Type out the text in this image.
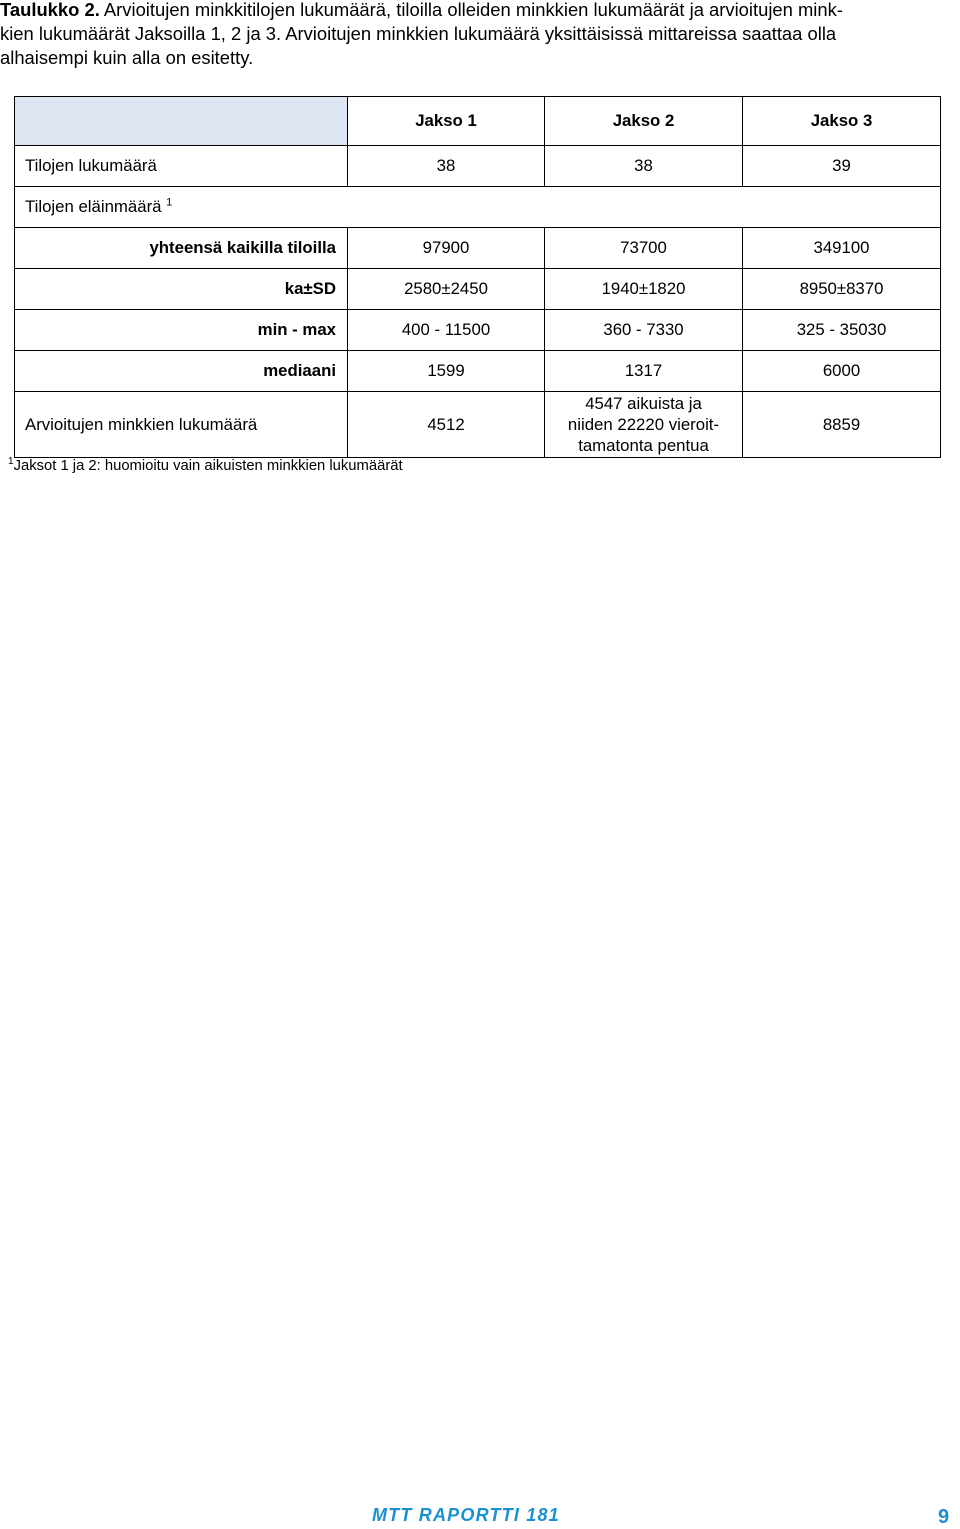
Taulukko 2. Arvioitujen minkkitilojen lukumäärä, tiloilla olleiden minkkien lukumäärät ja arvioitujen mink-
kien lukumäärät Jaksoilla 1, 2 ja 3. Arvioitujen minkkien lukumäärä yksittäisissä mittareissa saattaa olla
alhaisempi kuin alla on esitetty.
	Jakso 1	Jakso 2	Jakso 3
Tilojen lukumäärä	38	38	39
Tilojen eläinmäärä $^1$
yhteensä kaikilla tiloilla	97900	73700	349100
ka±SD	2580±2450	1940±1820	8950±8370
min - max	400 - 11500	360 - 7330	325 - 35030
mediaani	1599	1317	6000
Arvioitujen minkkien lukumäärä	4512	4547 aikuista ja
niiden 22220 vieroit-
tamatonta pentua	8859
$^1$Jaksot 1 ja 2: huomioitu vain aikuisten minkkien lukumäärät
MTT RAPORTTI 181	9
